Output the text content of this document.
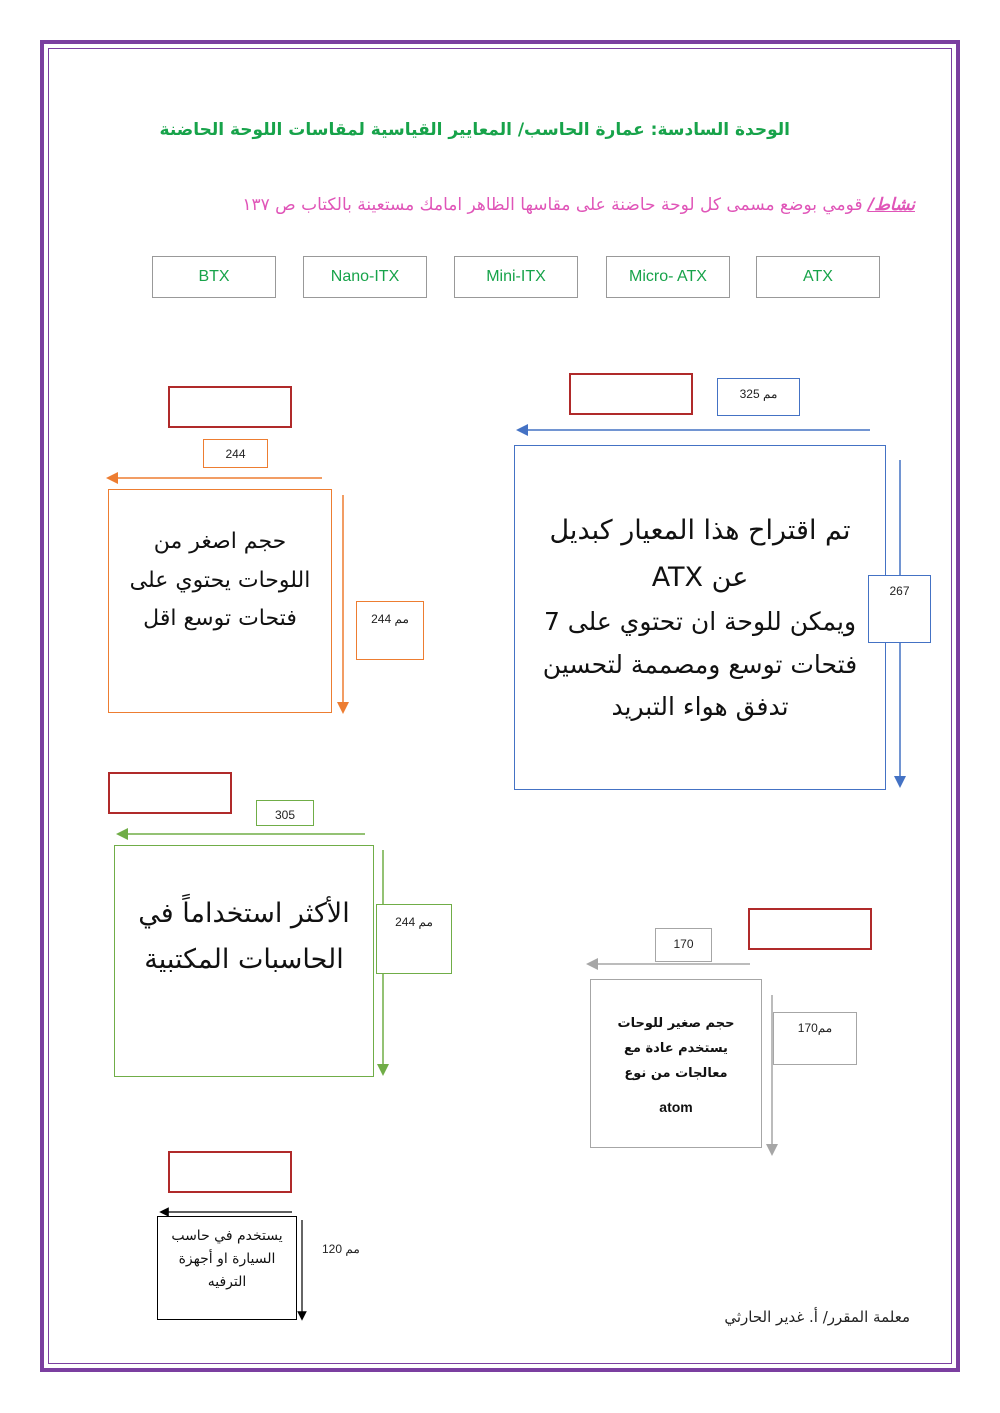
الوحدة السادسة: عمارة الحاسب/ المعايير القياسية لمقاسات اللوحة الحاضنة
نشاط/ قومي بوضع مسمى كل لوحة حاضنة على مقاسها الظاهر امامك مستعينة بالكتاب ص ١٣٧
BTX	Nano-ITX	Mini-ITX	Micro- ATX	ATX
325 مم
تم اقتراح هذا المعيار كبديل عن ATX
ويمكن للوحة ان تحتوي على 7 فتحات توسع ومصممة لتحسين تدفق هواء التبريد
267
244
حجم اصغر من اللوحات يحتوي على فتحات توسع اقل	244 مم
305
الأكثر استخداماً في الحاسبات المكتبية
244 مم
170
حجم صغير للوحات يستخدم عادة مع معالجات من نوع
atom
170مم
يستخدم في حاسب السيارة او أجهزة الترفيه
120 مم
معلمة المقرر/ أ. غدير الحارثي
